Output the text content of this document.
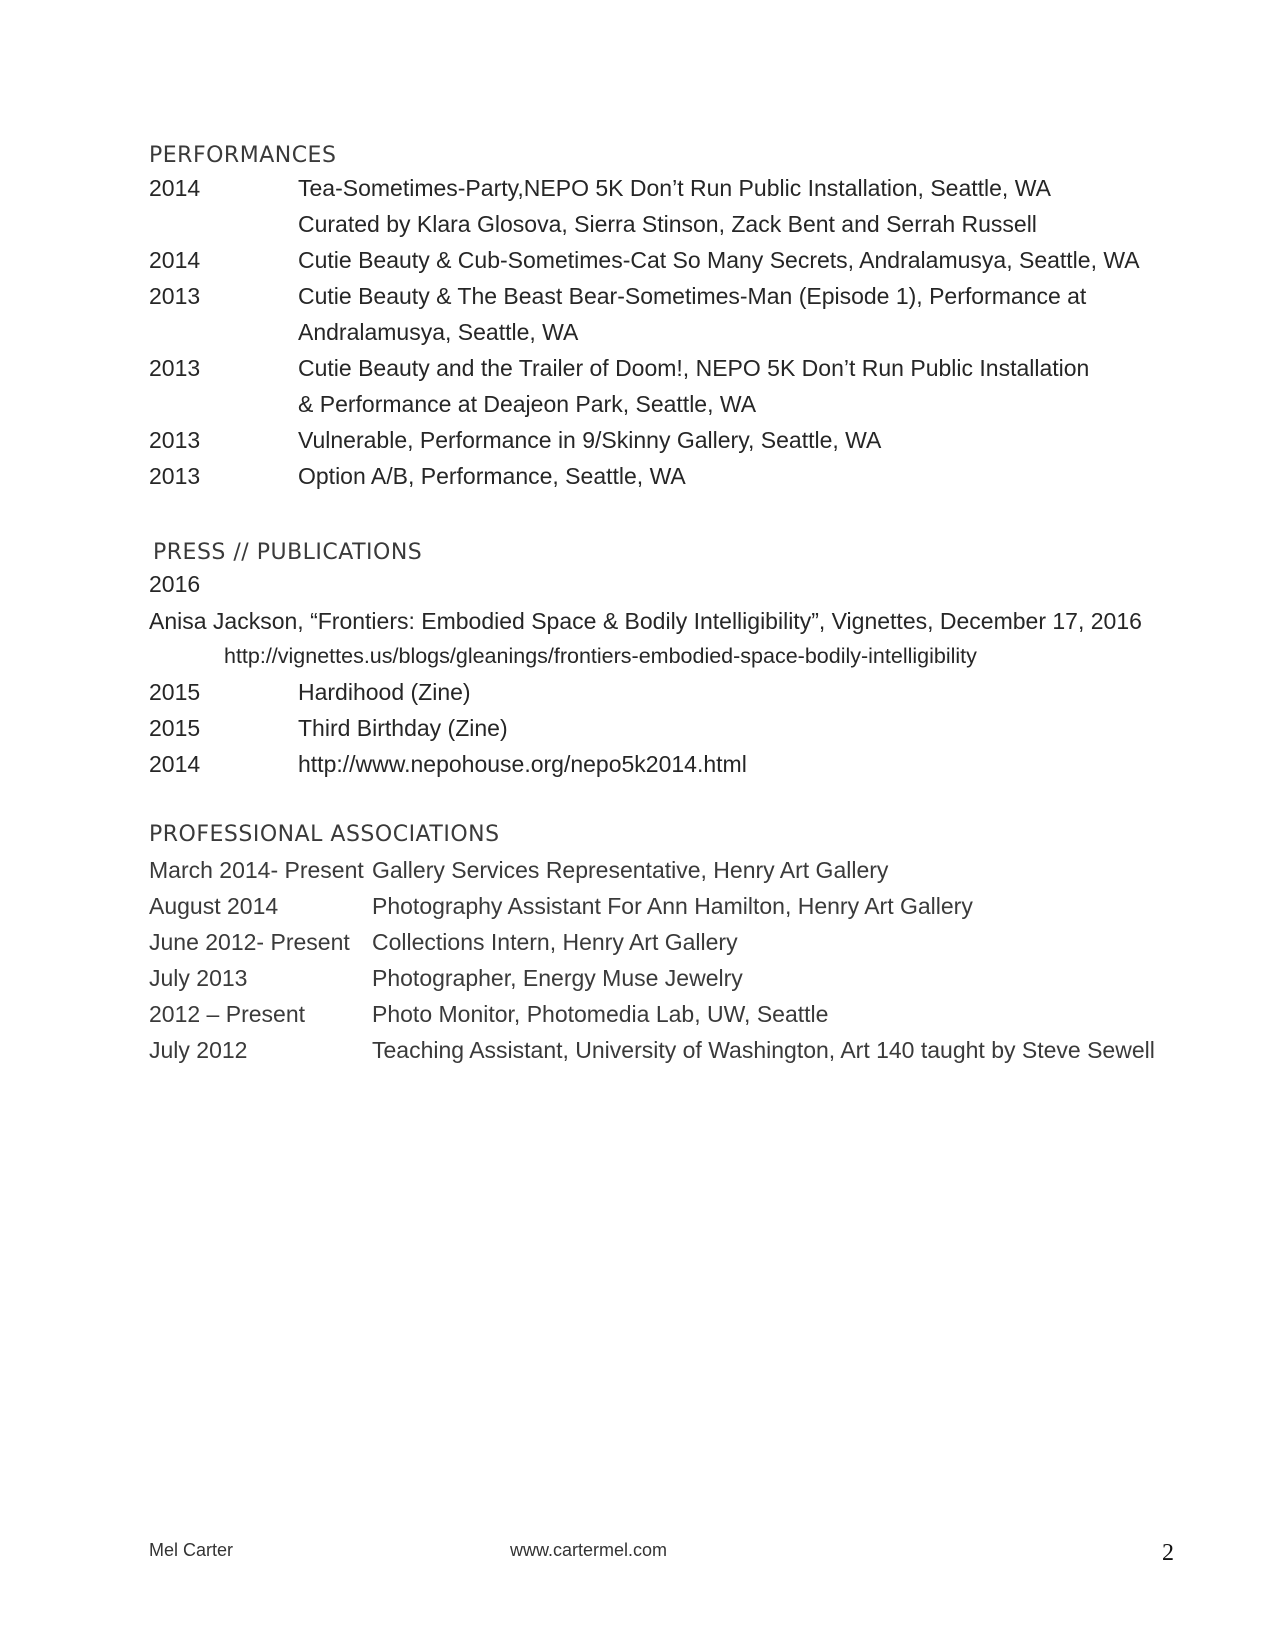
PERFORMANCES
2014	Tea-Sometimes-Party,NEPO 5K Don’t Run Public Installation, Seattle, WA
Curated by Klara Glosova, Sierra Stinson, Zack Bent and Serrah Russell
2014	Cutie Beauty & Cub-Sometimes-Cat So Many Secrets, Andralamusya, Seattle, WA
2013	Cutie Beauty & The Beast Bear-Sometimes-Man (Episode 1), Performance at
Andralamusya, Seattle, WA
2013	Cutie Beauty and the Trailer of Doom!, NEPO 5K Don’t Run Public Installation
& Performance at Deajeon Park, Seattle, WA
2013	Vulnerable, Performance in 9/Skinny Gallery, Seattle, WA
2013	Option A/B, Performance, Seattle, WA
PRESS // PUBLICATIONS
2016
Anisa Jackson, “Frontiers: Embodied Space & Bodily Intelligibility”, Vignettes, December 17, 2016
http://vignettes.us/blogs/gleanings/frontiers-embodied-space-bodily-intelligibility
2015	Hardihood (Zine)
2015	Third Birthday (Zine)
2014	http://www.nepohouse.org/nepo5k2014.html
PROFESSIONAL ASSOCIATIONS
March 2014- Present Gallery Services Representative, Henry Art Gallery
August 2014	Photography Assistant For Ann Hamilton, Henry Art Gallery
June 2012- Present Collections Intern, Henry Art Gallery
July 2013	Photographer, Energy Muse Jewelry
2012 – Present	Photo Monitor, Photomedia Lab, UW, Seattle
July 2012	Teaching Assistant, University of Washington, Art 140 taught by Steve Sewell
Mel Carter	www.cartermel.com	2
